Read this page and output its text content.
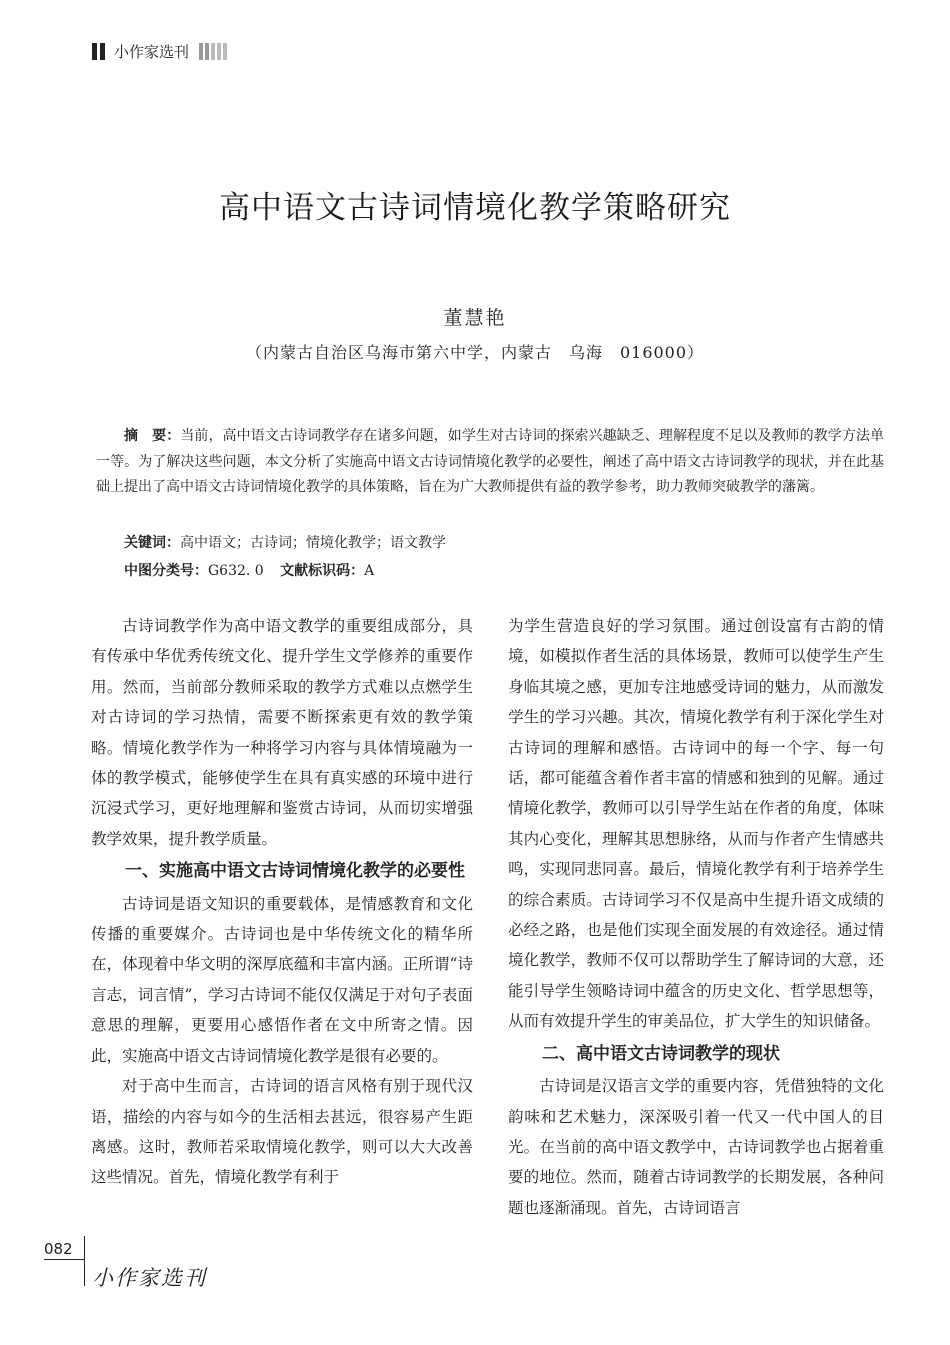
小作家选刊
高中语文古诗词情境化教学策略研究
董慧艳
（内蒙古自治区乌海市第六中学，内蒙古　乌海　016000）
摘　要：当前，高中语文古诗词教学存在诸多问题，如学生对古诗词的探索兴趣缺乏、理解程度不足以及教师的教学方法单一等。为了解决这些问题，本文分析了实施高中语文古诗词情境化教学的必要性，阐述了高中语文古诗词教学的现状，并在此基础上提出了高中语文古诗词情境化教学的具体策略，旨在为广大教师提供有益的教学参考，助力教师突破教学的藩篱。
关键词：高中语文；古诗词；情境化教学；语文教学
中图分类号：G632. 0 文献标识码：A

古诗词教学作为高中语文教学的重要组成部分，具有传承中华优秀传统文化、提升学生文学修养的重要作用。然而，当前部分教师采取的教学方式难以点燃学生对古诗词的学习热情，需要不断探索更有效的教学策略。情境化教学作为一种将学习内容与具体情境融为一体的教学模式，能够使学生在具有真实感的环境中进行沉浸式学习，更好地理解和鉴赏古诗词，从而切实增强教学效果，提升教学质量。

一、实施高中语文古诗词情境化教学的必要性

古诗词是语文知识的重要载体，是情感教育和文化传播的重要媒介。古诗词也是中华传统文化的精华所在，体现着中华文明的深厚底蕴和丰富内涵。正所谓“诗言志，词言情”，学习古诗词不能仅仅满足于对句子表面意思的理解，更要用心感悟作者在文中所寄之情。因此，实施高中语文古诗词情境化教学是很有必要的。

对于高中生而言，古诗词的语言风格有别于现代汉语，描绘的内容与如今的生活相去甚远，很容易产生距离感。这时，教师若采取情境化教学，则可以大大改善这些情况。首先，情境化教学有利于

为学生营造良好的学习氛围。通过创设富有古韵的情境，如模拟作者生活的具体场景，教师可以使学生产生身临其境之感，更加专注地感受诗词的魅力，从而激发学生的学习兴趣。其次，情境化教学有利于深化学生对古诗词的理解和感悟。古诗词中的每一个字、每一句话，都可能蕴含着作者丰富的情感和独到的见解。通过情境化教学，教师可以引导学生站在作者的角度，体味其内心变化，理解其思想脉络，从而与作者产生情感共鸣，实现同悲同喜。最后，情境化教学有利于培养学生的综合素质。古诗词学习不仅是高中生提升语文成绩的必经之路，也是他们实现全面发展的有效途径。通过情境化教学，教师不仅可以帮助学生了解诗词的大意，还能引导学生领略诗词中蕴含的历史文化、哲学思想等，从而有效提升学生的审美品位，扩大学生的知识储备。

二、高中语文古诗词教学的现状

古诗词是汉语言文学的重要内容，凭借独特的文化韵味和艺术魅力，深深吸引着一代又一代中国人的目光。在当前的高中语文教学中，古诗词教学也占据着重要的地位。然而，随着古诗词教学的长期发展，各种问题也逐渐涌现。首先，古诗词语言

082
小作家选刊
